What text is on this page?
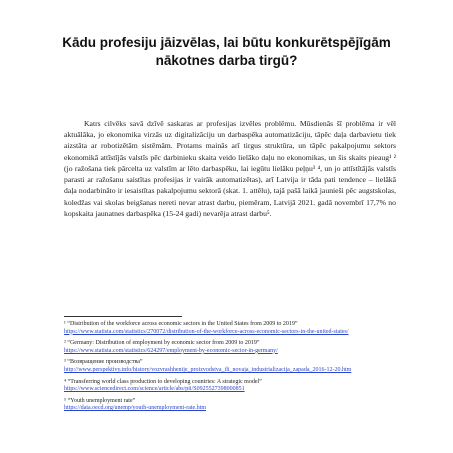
Kādu profesiju jāizvēlas, lai būtu konkurētspējīgām nākotnes darba tirgū?

Katrs cilvēks savā dzīvē saskaras ar profesijas izvēles problēmu. Mūsdienās šī problēma ir vēl aktuālāka, jo ekonomika virzās uz digitalizāciju un darbaspēka automatizāciju, tāpēc daļa darbavietu tiek aizstāta ar robotizētām sistēmām. Protams mainās arī tirgus struktūra, un tāpēc pakalpojumu sektors ekonomikā attīstījās valstīs pēc darbinieku skaita veido lielāko daļu no ekonomikas, un šis skaits pieaug¹ ² (jo ražošana tiek pārcelta uz valstīm ar lēto darbaspēku, lai iegūtu lielāku peļņu³ ⁴, un jo attīstītājās valstīs parasti ar ražošanu saistītas profesijas ir vairāk automatizētas), arī Latvija ir tāda pati tendence – lielākā daļa nodarbināto ir iesaistītas pakalpojumu sektorā (skat. 1. attēlu), tajā pašā laikā jaunieši pēc augstskolas, koledžas vai skolas beigšanas nereti nevar atrast darbu, piemēram, Latvijā 2021. gadā novembrī 17,7% no kopskaita jaunatnes darbaspēka (15-24 gadi) nevarēja atrast darbu⁵.

¹ “Distribution of the workforce across economic sectors in the United States from 2009 to 2019”
https://www.statista.com/statistics/270072/distribution-of-the-workforce-across-economic-sectors-in-the-united-states/
² “Germany: Distribution of employment by economic sector from 2009 to 2019”
https://www.statista.com/statistics/624297/employment-by-economic-sector-in-germany/
³ “Возвращение производства”
http://www.perspektivy.info/history/vozvrashhenije_proizvodstva_ili_novaja_industrializacija_zapada_2016-12-20.htm
⁴ “Transferring world class production to developing countries: A strategic model”
https://www.sciencedirect.com/science/article/abs/pii/S0925527398000851
⁵ “Youth unemployment rate”
https://data.oecd.org/unemp/youth-unemployment-rate.htm
